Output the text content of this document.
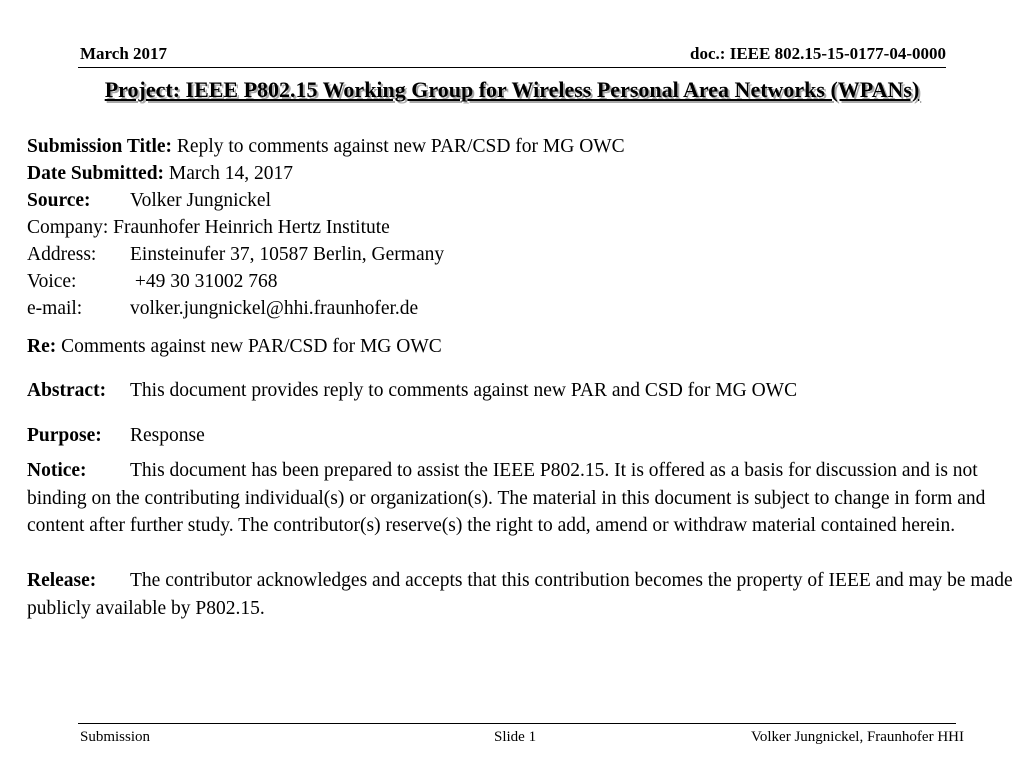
March 2017	doc.: IEEE 802.15-15-0177-04-0000
Project: IEEE P802.15 Working Group for Wireless Personal Area Networks (WPANs)
Submission Title: Reply to comments against new PAR/CSD for MG OWC
Date Submitted: March 14, 2017
Source: Volker Jungnickel
Company: Fraunhofer Heinrich Hertz Institute
Address: Einsteinufer 37, 10587 Berlin, Germany
Voice:	+49 30 31002 768
e-mail: volker.jungnickel@hhi.fraunhofer.de
Re: Comments against new PAR/CSD for MG OWC
Abstract: This document provides reply to comments against new PAR and CSD for MG OWC
Purpose: Response
Notice: This document has been prepared to assist the IEEE P802.15. It is offered as a basis for discussion and is not binding on the contributing individual(s) or organization(s). The material in this document is subject to change in form and content after further study. The contributor(s) reserve(s) the right to add, amend or withdraw material contained herein.
Release: The contributor acknowledges and accepts that this contribution becomes the property of IEEE and may be made publicly available by P802.15.
Submission	Slide 1	Volker Jungnickel, Fraunhofer HHI
